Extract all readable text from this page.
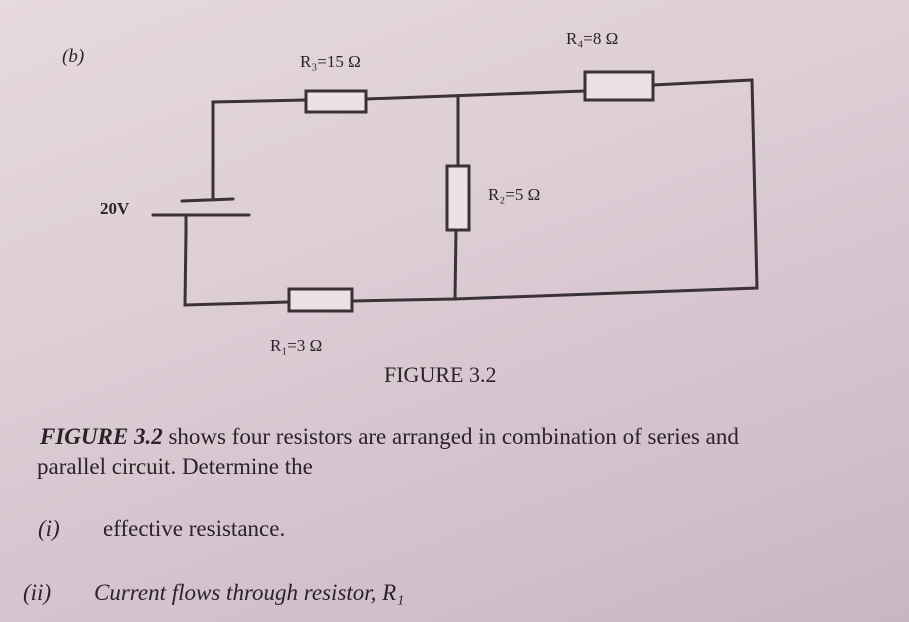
(b)	R₃=15 Ω
R₄=8 Ω
R₂=5 Ω
R₁=3 Ω
20V
FIGURE 3.2
FIGURE 3.2 shows four resistors are arranged in combination of series and
parallel circuit. Determine the
(i) effective resistance.
(ii) Current flows through resistor, R₁
